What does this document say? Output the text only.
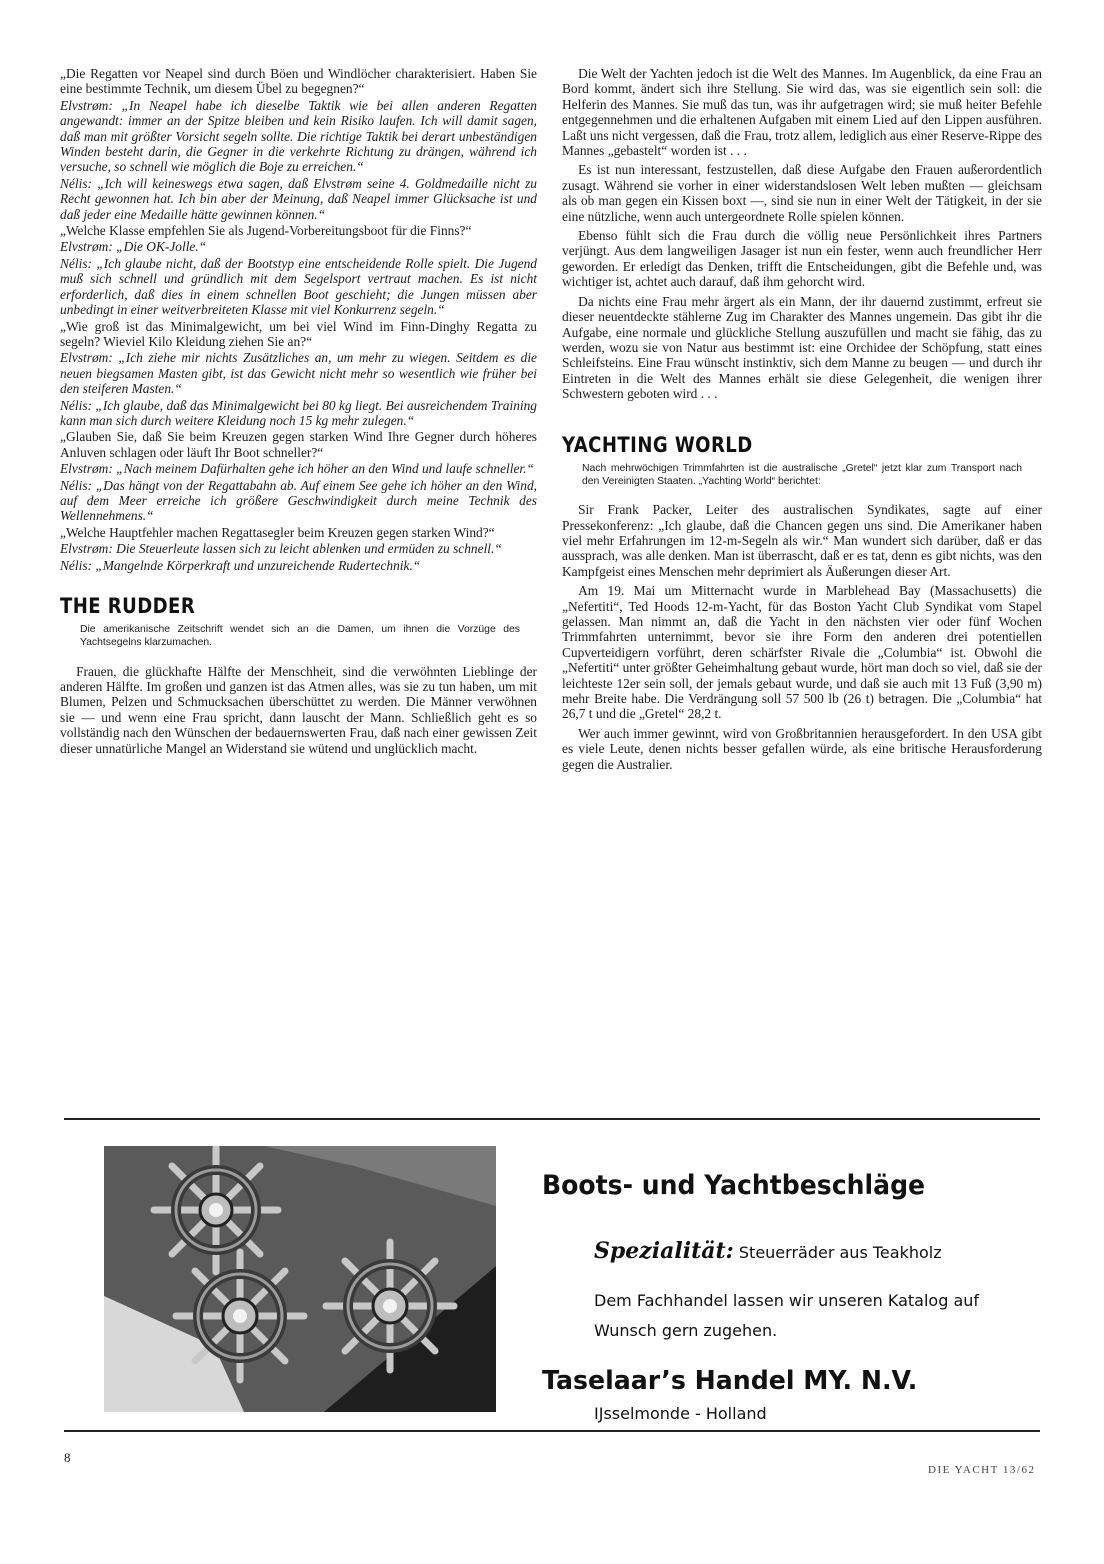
„Die Regatten vor Neapel sind durch Böen und Windlöcher charakterisiert. Haben Sie eine bestimmte Technik, um diesem Übel zu begegnen?“

Elvstrøm: „In Neapel habe ich dieselbe Taktik wie bei allen anderen Regatten angewandt: immer an der Spitze bleiben und kein Risiko laufen. Ich will damit sagen, daß man mit größter Vorsicht segeln sollte. Die richtige Taktik bei derart unbeständigen Winden besteht darin, die Gegner in die verkehrte Richtung zu drängen, während ich versuche, so schnell wie möglich die Boje zu erreichen.“

Nélis: „Ich will keineswegs etwa sagen, daß Elvstrøm seine 4. Goldmedaille nicht zu Recht gewonnen hat. Ich bin aber der Meinung, daß Neapel immer Glücksache ist und daß jeder eine Medaille hätte gewinnen können.“

„Welche Klasse empfehlen Sie als Jugend-Vorbereitungsboot für die Finns?“

Elvstrøm: „Die OK-Jolle.“

Nélis: „Ich glaube nicht, daß der Bootstyp eine entscheidende Rolle spielt. Die Jugend muß sich schnell und gründlich mit dem Segelsport vertraut machen. Es ist nicht erforderlich, daß dies in einem schnellen Boot geschieht; die Jungen müssen aber unbedingt in einer weitverbreiteten Klasse mit viel Konkurrenz segeln.“

„Wie groß ist das Minimalgewicht, um bei viel Wind im Finn-Dinghy Regatta zu segeln? Wieviel Kilo Kleidung ziehen Sie an?“

Elvstrøm: „Ich ziehe mir nichts Zusätzliches an, um mehr zu wiegen. Seitdem es die neuen biegsamen Masten gibt, ist das Gewicht nicht mehr so wesentlich wie früher bei den steiferen Masten.“

Nélis: „Ich glaube, daß das Minimalgewicht bei 80 kg liegt. Bei ausreichendem Training kann man sich durch weitere Kleidung noch 15 kg mehr zulegen.“

„Glauben Sie, daß Sie beim Kreuzen gegen starken Wind Ihre Gegner durch höheres Anluven schlagen oder läuft Ihr Boot schneller?“

Elvstrøm: „Nach meinem Dafürhalten gehe ich höher an den Wind und laufe schneller.“

Nélis: „Das hängt von der Regattabahn ab. Auf einem See gehe ich höher an den Wind, auf dem Meer erreiche ich größere Geschwindigkeit durch meine Technik des Wellennehmens.“

„Welche Hauptfehler machen Regattasegler beim Kreuzen gegen starken Wind?“

Elvstrøm: Die Steuerleute lassen sich zu leicht ablenken und ermüden zu schnell.“

Nélis: „Mangelnde Körperkraft und unzureichende Rudertechnik.“

THE RUDDER
Die amerikanische Zeitschrift wendet sich an die Damen, um ihnen die Vorzüge des Yachtsegelns klarzumachen.

Frauen, die glückhafte Hälfte der Menschheit, sind die verwöhnten Lieblinge der anderen Hälfte. Im großen und ganzen ist das Atmen alles, was sie zu tun haben, um mit Blumen, Pelzen und Schmucksachen überschüttet zu werden. Die Männer verwöhnen sie — und wenn eine Frau spricht, dann lauscht der Mann. Schließlich geht es so vollständig nach den Wünschen der bedauernswerten Frau, daß nach einer gewissen Zeit dieser unnatürliche Mangel an Widerstand sie wütend und unglücklich macht.

Die Welt der Yachten jedoch ist die Welt des Mannes. Im Augenblick, da eine Frau an Bord kommt, ändert sich ihre Stellung. Sie wird das, was sie eigentlich sein soll: die Helferin des Mannes. Sie muß das tun, was ihr aufgetragen wird; sie muß heiter Befehle entgegennehmen und die erhaltenen Aufgaben mit einem Lied auf den Lippen ausführen. Laßt uns nicht vergessen, daß die Frau, trotz allem, lediglich aus einer Reserve-Rippe des Mannes „gebastelt“ worden ist . . .

Es ist nun interessant, festzustellen, daß diese Aufgabe den Frauen außerordentlich zusagt. Während sie vorher in einer widerstandslosen Welt leben mußten — gleichsam als ob man gegen ein Kissen boxt —, sind sie nun in einer Welt der Tätigkeit, in der sie eine nützliche, wenn auch untergeordnete Rolle spielen können.

Ebenso fühlt sich die Frau durch die völlig neue Persönlichkeit ihres Partners verjüngt. Aus dem langweiligen Jasager ist nun ein fester, wenn auch freundlicher Herr geworden. Er erledigt das Denken, trifft die Entscheidungen, gibt die Befehle und, was wichtiger ist, achtet auch darauf, daß ihm gehorcht wird.

Da nichts eine Frau mehr ärgert als ein Mann, der ihr dauernd zustimmt, erfreut sie dieser neuentdeckte stählerne Zug im Charakter des Mannes ungemein. Das gibt ihr die Aufgabe, eine normale und glückliche Stellung auszufüllen und macht sie fähig, das zu werden, wozu sie von Natur aus bestimmt ist: eine Orchidee der Schöpfung, statt eines Schleifsteins. Eine Frau wünscht instinktiv, sich dem Manne zu beugen — und durch ihr Eintreten in die Welt des Mannes erhält sie diese Gelegenheit, die wenigen ihrer Schwestern geboten wird . . .

YACHTING WORLD
Nach mehrwöchigen Trimmfahrten ist die australische „Gretel“ jetzt klar zum Transport nach den Vereinigten Staaten. „Yachting World“ berichtet:

Sir Frank Packer, Leiter des australischen Syndikates, sagte auf einer Pressekonferenz: „Ich glaube, daß die Chancen gegen uns sind. Die Amerikaner haben viel mehr Erfahrungen im 12-m-Segeln als wir.“ Man wundert sich darüber, daß er das aussprach, was alle denken. Man ist überrascht, daß er es tat, denn es gibt nichts, was den Kampfgeist eines Menschen mehr deprimiert als Äußerungen dieser Art.

Am 19. Mai um Mitternacht wurde in Marblehead Bay (Massachusetts) die „Nefertiti“, Ted Hoods 12-m-Yacht, für das Boston Yacht Club Syndikat vom Stapel gelassen. Man nimmt an, daß die Yacht in den nächsten vier oder fünf Wochen Trimmfahrten unternimmt, bevor sie ihre Form den anderen drei potentiellen Cupverteidigern vorführt, deren schärfster Rivale die „Columbia“ ist. Obwohl die „Nefertiti“ unter größter Geheimhaltung gebaut wurde, hört man doch so viel, daß sie der leichteste 12er sein soll, der jemals gebaut wurde, und daß sie auch mit 13 Fuß (3,90 m) mehr Breite habe. Die Verdrängung soll 57 500 lb (26 t) betragen. Die „Columbia“ hat 26,7 t und die „Gretel“ 28,2 t.

Wer auch immer gewinnt, wird von Großbritannien herausgefordert. In den USA gibt es viele Leute, denen nichts besser gefallen würde, als eine britische Herausforderung gegen die Australier.

Boots- und Yachtbeschläge
Spezialität: Steuerräder aus Teakholz
Dem Fachhandel lassen wir unseren Katalog auf Wunsch gern zugehen.
Taselaar’s Handel MY. N.V.
IJsselmonde - Holland
8
DIE YACHT 13/62
